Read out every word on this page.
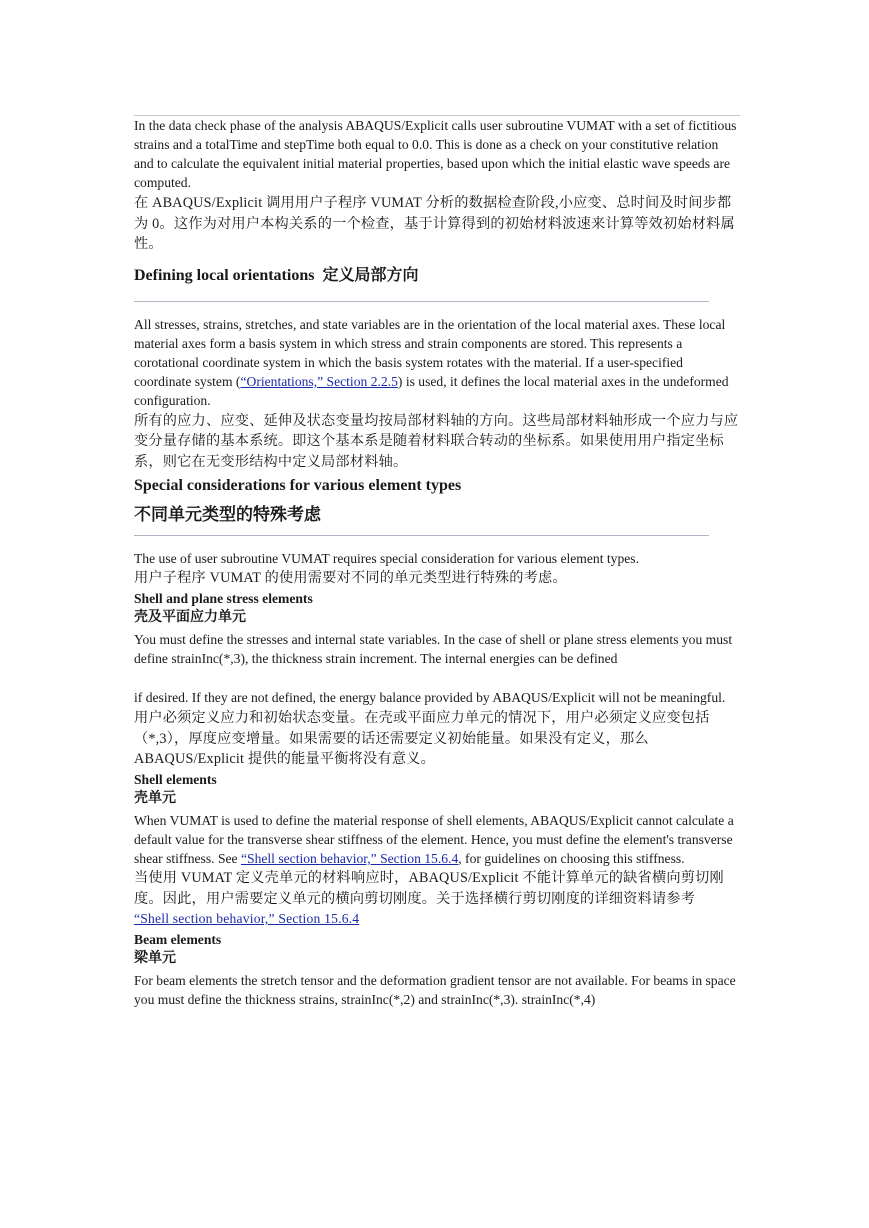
In the data check phase of the analysis ABAQUS/Explicit calls user subroutine VUMAT with a set of fictitious strains and a totalTime and stepTime both equal to 0.0. This is done as a check on your constitutive relation and to calculate the equivalent initial material properties, based upon which the initial elastic wave speeds are computed.

在 ABAQUS/Explicit 调用用户子程序 VUMAT 分析的数据检查阶段,小应变、总时间及时间步都为 0。这作为对用户本构关系的一个检查，基于计算得到的初始材料波速来计算等效初始材料属性。

Defining local orientations 定义局部方向

All stresses, strains, stretches, and state variables are in the orientation of the local material axes. These local material axes form a basis system in which stress and strain components are stored. This represents a corotational coordinate system in which the basis system rotates with the material. If a user-specified coordinate system (“Orientations,” Section 2.2.5) is used, it defines the local material axes in the undeformed configuration.

所有的应力、应变、延伸及状态变量均按局部材料轴的方向。这些局部材料轴形成一个应力与应变分量存储的基本系统。即这个基本系是随着材料联合转动的坐标系。如果使用用户指定坐标系，则它在无变形结构中定义局部材料轴。

Special considerations for various element types
不同单元类型的特殊考虑

The use of user subroutine VUMAT requires special consideration for various element types.

用户子程序 VUMAT 的使用需要对不同的单元类型进行特殊的考虑。

Shell and plane stress elements
壳及平面应力单元

You must define the stresses and internal state variables. In the case of shell or plane stress elements you must define strainInc(*,3), the thickness strain increment. The internal energies can be defined

if desired. If they are not defined, the energy balance provided by ABAQUS/Explicit will not be meaningful.

用户必须定义应力和初始状态变量。在壳或平面应力单元的情况下，用户必须定义应变包括（*,3），厚度应变增量。如果需要的话还需要定义初始能量。如果没有定义，那么 ABAQUS/Explicit 提供的能量平衡将没有意义。

Shell elements
壳单元

When VUMAT is used to define the material response of shell elements, ABAQUS/Explicit cannot calculate a default value for the transverse shear stiffness of the element. Hence, you must define the element's transverse shear stiffness. See “Shell section behavior,” Section 15.6.4, for guidelines on choosing this stiffness.

当使用 VUMAT 定义壳单元的材料响应时，ABAQUS/Explicit 不能计算单元的缺省横向剪切刚度。因此，用户需要定义单元的横向剪切刚度。关于选择横行剪切刚度的详细资料请参考
“Shell section behavior,” Section 15.6.4

Beam elements
梁单元

For beam elements the stretch tensor and the deformation gradient tensor are not available. For beams in space you must define the thickness strains, strainInc(*,2) and strainInc(*,3). strainInc(*,4)
